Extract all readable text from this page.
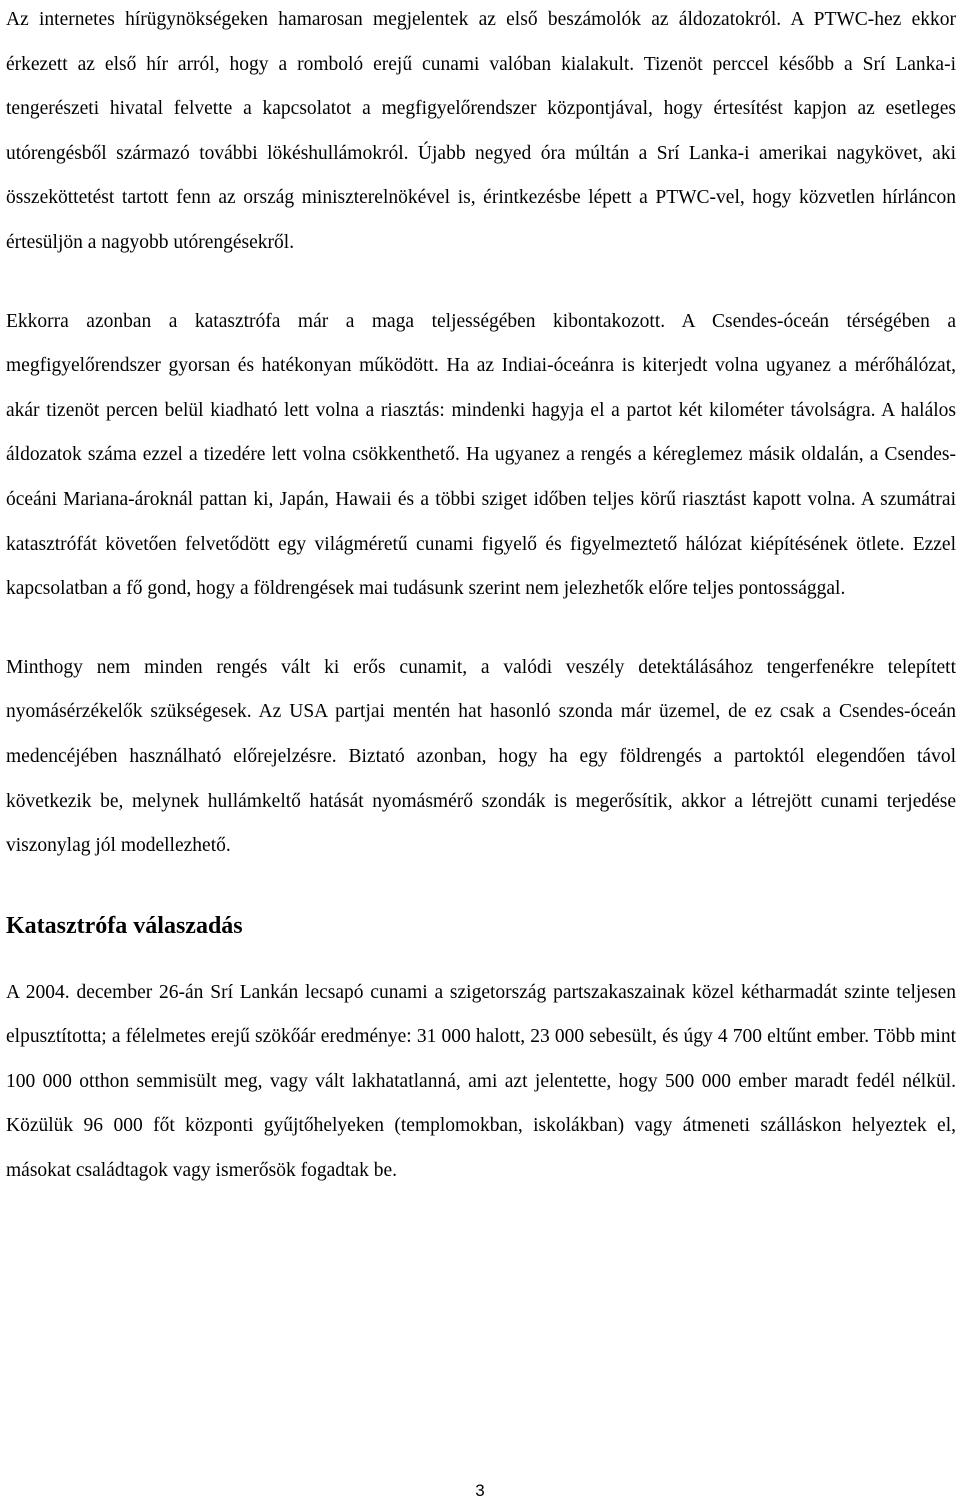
Az internetes hírügynökségeken hamarosan megjelentek az első beszámolók az áldozatokról. A PTWC-hez ekkor érkezett az első hír arról, hogy a romboló erejű cunami valóban kialakult. Tizenöt perccel később a Srí Lanka-i tengerészeti hivatal felvette a kapcsolatot a megfigyelőrendszer központjával, hogy értesítést kapjon az esetleges utórengésből származó további lökéshullámokról. Újabb negyed óra múltán a Srí Lanka-i amerikai nagykövet, aki összeköttetést tartott fenn az ország miniszterelnökével is, érintkezésbe lépett a PTWC-vel, hogy közvetlen hírláncon értesüljön a nagyobb utórengésekről.

Ekkorra azonban a katasztrófa már a maga teljességében kibontakozott. A Csendes-óceán térségében a megfigyelőrendszer gyorsan és hatékonyan működött. Ha az Indiai-óceánra is kiterjedt volna ugyanez a mérőhálózat, akár tizenöt percen belül kiadható lett volna a riasztás: mindenki hagyja el a partot két kilométer távolságra. A halálos áldozatok száma ezzel a tizedére lett volna csökkenthető. Ha ugyanez a rengés a kéreglemez másik oldalán, a Csendes-óceáni Mariana-ároknál pattan ki, Japán, Hawaii és a többi sziget időben teljes körű riasztást kapott volna. A szumátrai katasztrófát követően felvetődött egy világméretű cunami figyelő és figyelmeztető hálózat kiépítésének ötlete. Ezzel kapcsolatban a fő gond, hogy a földrengések mai tudásunk szerint nem jelezhetők előre teljes pontossággal.

Minthogy nem minden rengés vált ki erős cunamit, a valódi veszély detektálásához tengerfenékre telepített nyomásérzékelők szükségesek. Az USA partjai mentén hat hasonló szonda már üzemel, de ez csak a Csendes-óceán medencéjében használható előrejelzésre. Biztató azonban, hogy ha egy földrengés a partoktól elegendően távol következik be, melynek hullámkeltő hatását nyomásmérő szondák is megerősítik, akkor a létrejött cunami terjedése viszonylag jól modellezhető.

Katasztrófa válaszadás

A 2004. december 26-án Srí Lankán lecsapó cunami a szigetország partszakaszainak közel kétharmadát szinte teljesen elpusztította; a félelmetes erejű szökőár eredménye: 31 000 halott, 23 000 sebesült, és úgy 4 700 eltűnt ember. Több mint 100 000 otthon semmisült meg, vagy vált lakhatatlanná, ami azt jelentette, hogy 500 000 ember maradt fedél nélkül. Közülük 96 000 főt központi gyűjtőhelyeken (templomokban, iskolákban) vagy átmeneti szálláskon helyeztek el, másokat családtagok vagy ismerősök fogadtak be.

3
